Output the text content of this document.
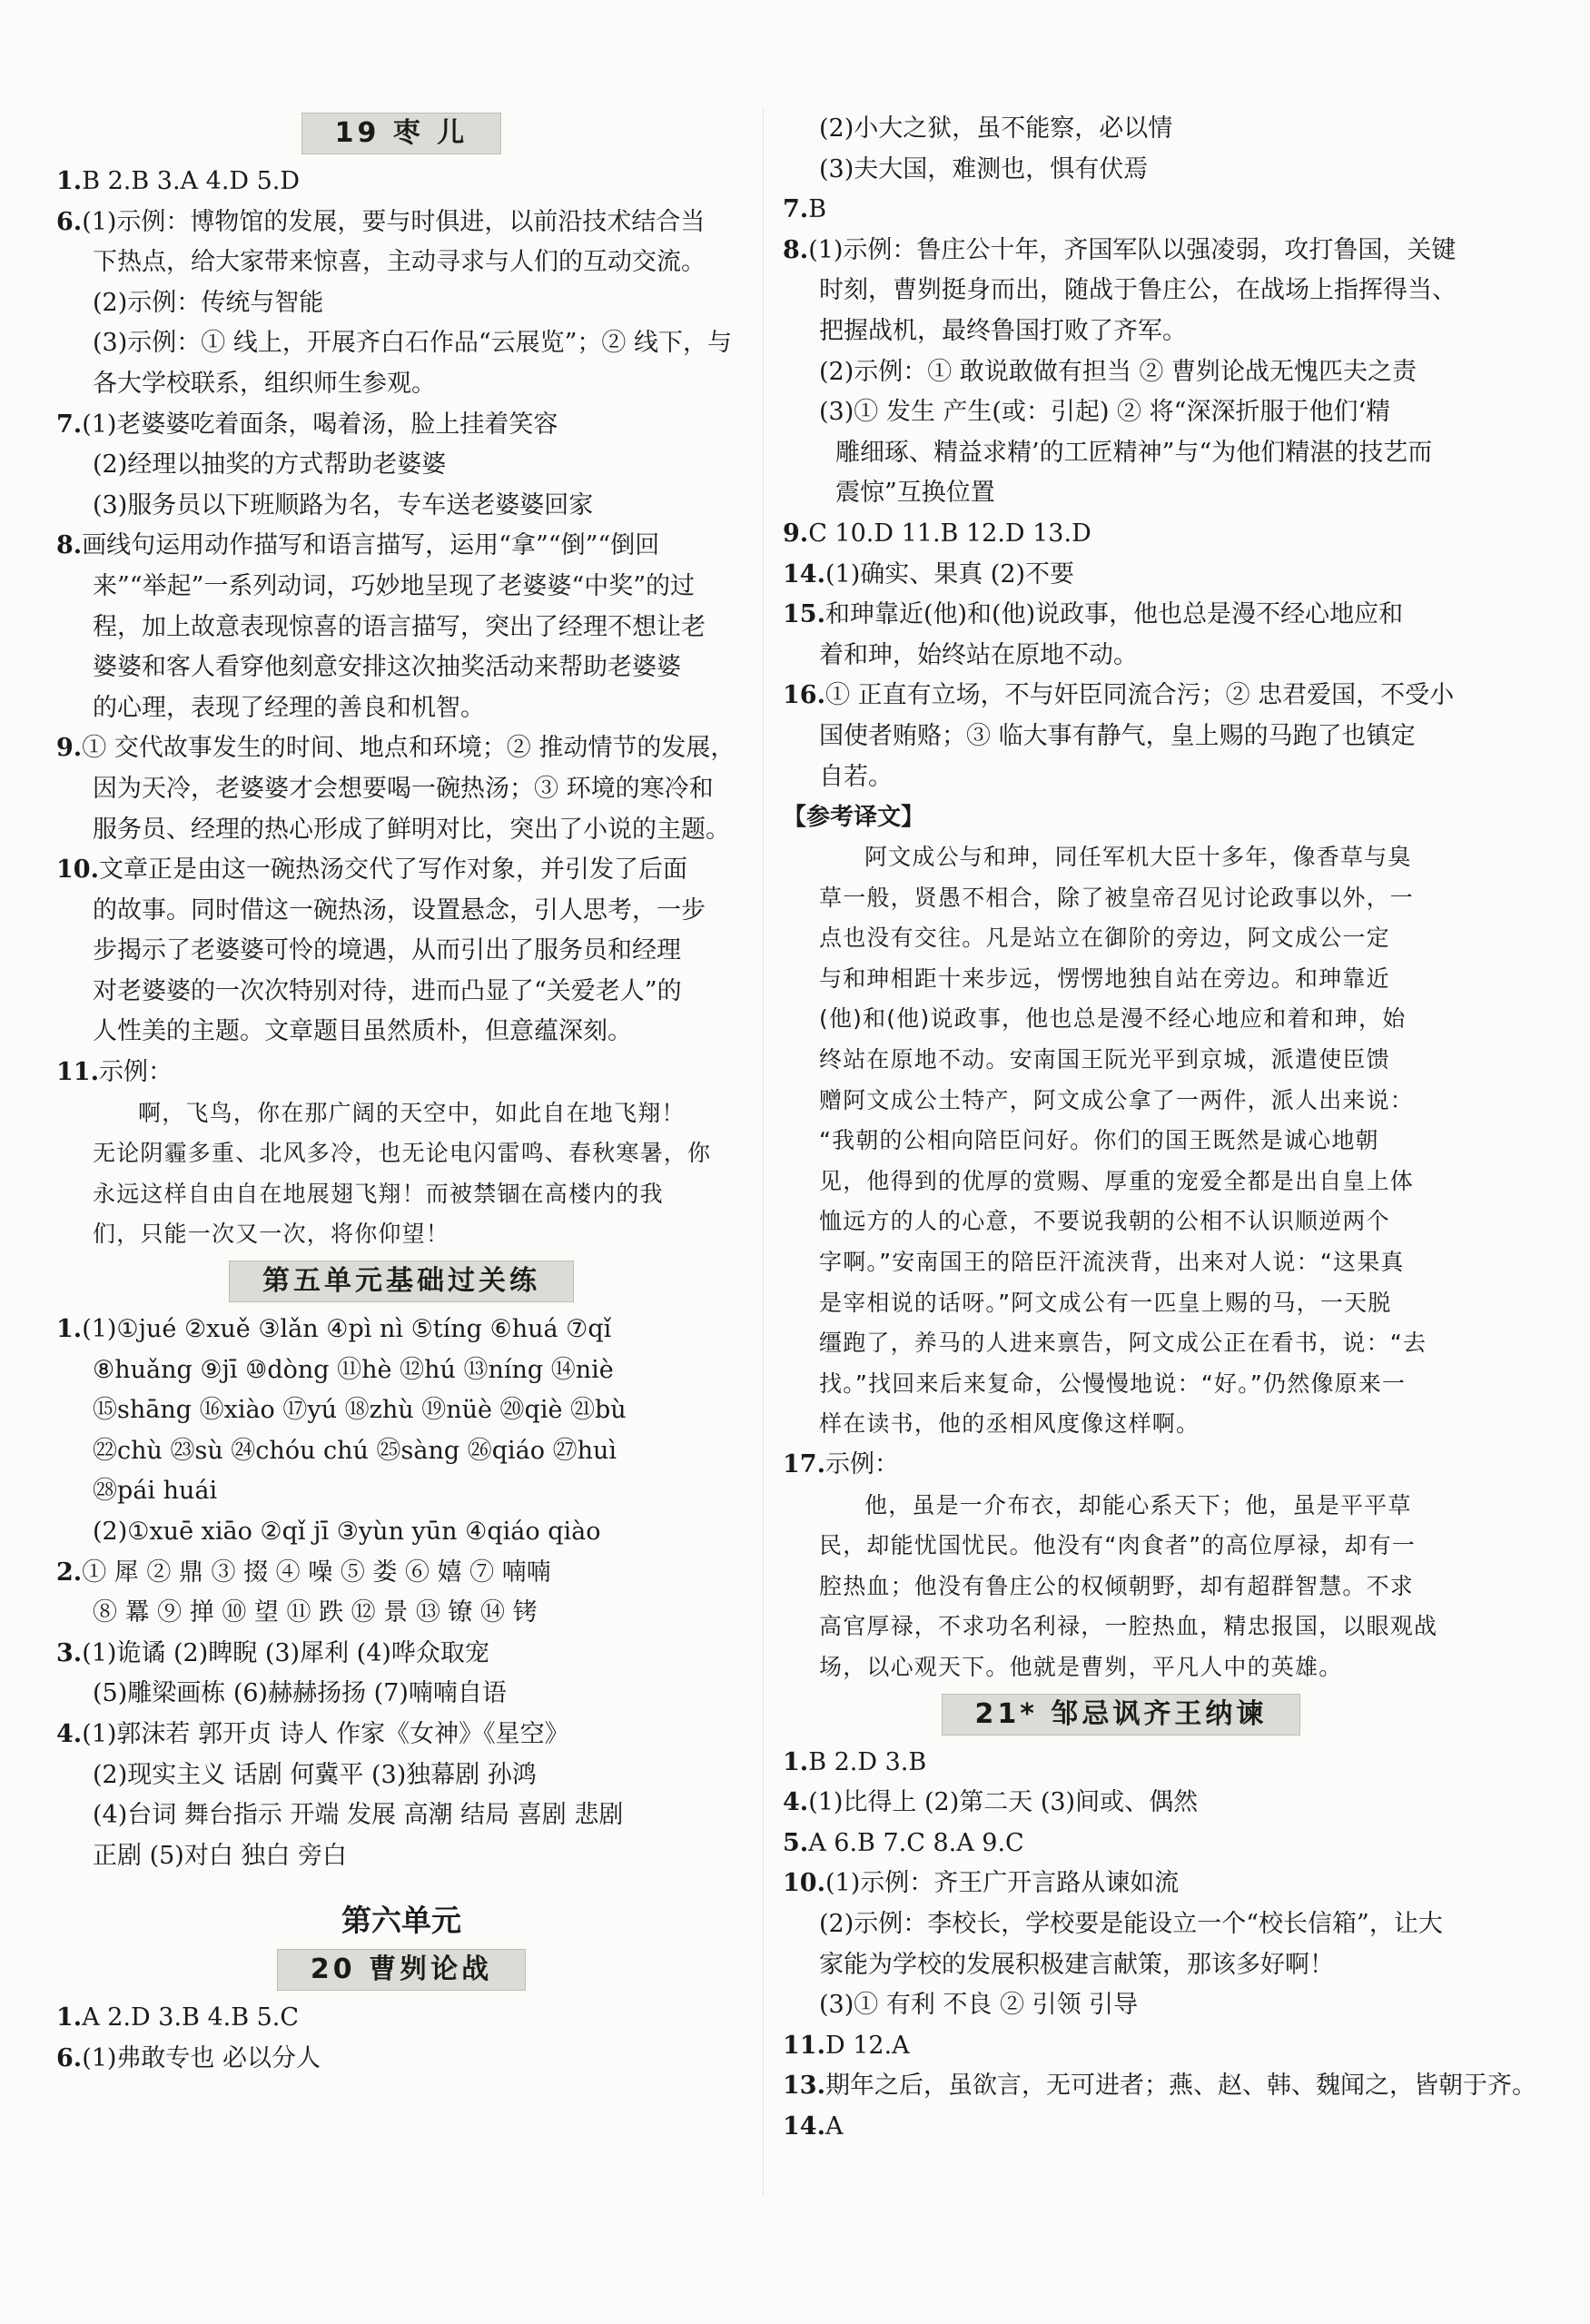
19 枣 儿
1.B 2.B 3.A 4.D 5.D
6.(1)示例：博物馆的发展，要与时俱进，以前沿技术结合当
下热点，给大家带来惊喜，主动寻求与人们的互动交流。
(2)示例：传统与智能
(3)示例：① 线上，开展齐白石作品“云展览”；② 线下，与
各大学校联系，组织师生参观。
7.(1)老婆婆吃着面条，喝着汤，脸上挂着笑容
(2)经理以抽奖的方式帮助老婆婆
(3)服务员以下班顺路为名，专车送老婆婆回家
8.画线句运用动作描写和语言描写，运用“拿”“倒”“倒回
来”“举起”一系列动词，巧妙地呈现了老婆婆“中奖”的过
程，加上故意表现惊喜的语言描写，突出了经理不想让老
婆婆和客人看穿他刻意安排这次抽奖活动来帮助老婆婆
的心理，表现了经理的善良和机智。
9.① 交代故事发生的时间、地点和环境；② 推动情节的发展，
因为天冷，老婆婆才会想要喝一碗热汤；③ 环境的寒冷和
服务员、经理的热心形成了鲜明对比，突出了小说的主题。
10.文章正是由这一碗热汤交代了写作对象，并引发了后面
的故事。同时借这一碗热汤，设置悬念，引人思考，一步
步揭示了老婆婆可怜的境遇，从而引出了服务员和经理
对老婆婆的一次次特别对待，进而凸显了“关爱老人”的
人性美的主题。文章题目虽然质朴，但意蕴深刻。
11.示例：
啊，飞鸟，你在那广阔的天空中，如此自在地飞翔！
无论阴霾多重、北风多冷，也无论电闪雷鸣、春秋寒暑，你
永远这样自由自在地展翅飞翔！而被禁锢在高楼内的我
们，只能一次又一次，将你仰望！
第五单元基础过关练
1.(1)①jué ②xuě ③lǎn ④pì nì ⑤tíng ⑥huá ⑦qǐ
⑧huǎng ⑨jī ⑩dòng ⑪hè ⑫hú ⑬níng ⑭niè
⑮shāng ⑯xiào ⑰yú ⑱zhù ⑲nüè ⑳qiè ㉑bù
㉒chù ㉓sù ㉔chóu chú ㉕sàng ㉖qiáo ㉗huì
㉘pái huái
(2)①xuē xiāo ②qǐ jī ③yùn yūn ④qiáo qiào
2.① 犀 ② 鼎 ③ 掇 ④ 噪 ⑤ 娄 ⑥ 嬉 ⑦ 喃喃
⑧ 羃 ⑨ 掸 ⑩ 望 ⑪ 跌 ⑫ 景 ⑬ 镣 ⑭ 铐
3.(1)诡谲 (2)睥睨 (3)犀利 (4)哗众取宠
(5)雕梁画栋 (6)赫赫扬扬 (7)喃喃自语
4.(1)郭沫若 郭开贞 诗人 作家《女神》《星空》
(2)现实主义 话剧 何冀平 (3)独幕剧 孙鸿
(4)台词 舞台指示 开端 发展 高潮 结局 喜剧 悲剧
正剧 (5)对白 独白 旁白
第六单元
20 曹刿论战
1.A 2.D 3.B 4.B 5.C
6.(1)弗敢专也 必以分人
(2)小大之狱，虽不能察，必以情
(3)夫大国，难测也，惧有伏焉
7.B
8.(1)示例：鲁庄公十年，齐国军队以强凌弱，攻打鲁国，关键
时刻，曹刿挺身而出，随战于鲁庄公，在战场上指挥得当、
把握战机，最终鲁国打败了齐军。
(2)示例：① 敢说敢做有担当 ② 曹刿论战无愧匹夫之责
(3)① 发生 产生(或：引起) ② 将“深深折服于他们‘精
雕细琢、精益求精’的工匠精神”与“为他们精湛的技艺而
震惊”互换位置
9.C 10.D 11.B 12.D 13.D
14.(1)确实、果真 (2)不要
15.和珅靠近(他)和(他)说政事，他也总是漫不经心地应和
着和珅，始终站在原地不动。
16.① 正直有立场，不与奸臣同流合污；② 忠君爱国，不受小
国使者贿赂；③ 临大事有静气，皇上赐的马跑了也镇定
自若。
【参考译文】
阿文成公与和珅，同任军机大臣十多年，像香草与臭
草一般，贤愚不相合，除了被皇帝召见讨论政事以外，一
点也没有交往。凡是站立在御阶的旁边，阿文成公一定
与和珅相距十来步远，愣愣地独自站在旁边。和珅靠近
(他)和(他)说政事，他也总是漫不经心地应和着和珅，始
终站在原地不动。安南国王阮光平到京城，派遣使臣馈
赠阿文成公土特产，阿文成公拿了一两件，派人出来说：
“我朝的公相向陪臣问好。你们的国王既然是诚心地朝
见，他得到的优厚的赏赐、厚重的宠爱全都是出自皇上体
恤远方的人的心意，不要说我朝的公相不认识顺逆两个
字啊。”安南国王的陪臣汗流浃背，出来对人说：“这果真
是宰相说的话呀。”阿文成公有一匹皇上赐的马，一天脱
缰跑了，养马的人进来禀告，阿文成公正在看书，说：“去
找。”找回来后来复命，公慢慢地说：“好。”仍然像原来一
样在读书，他的丞相风度像这样啊。
17.示例：
他，虽是一介布衣，却能心系天下；他，虽是平平草
民，却能忧国忧民。他没有“肉食者”的高位厚禄，却有一
腔热血；他没有鲁庄公的权倾朝野，却有超群智慧。不求
高官厚禄，不求功名利禄，一腔热血，精忠报国，以眼观战
场，以心观天下。他就是曹刿，平凡人中的英雄。
21* 邹忌讽齐王纳谏
1.B 2.D 3.B
4.(1)比得上 (2)第二天 (3)间或、偶然
5.A 6.B 7.C 8.A 9.C
10.(1)示例：齐王广开言路从谏如流
(2)示例：李校长，学校要是能设立一个“校长信箱”，让大
家能为学校的发展积极建言献策，那该多好啊！
(3)① 有利 不良 ② 引领 引导
11.D 12.A
13.期年之后，虽欲言，无可进者；燕、赵、韩、魏闻之，皆朝于齐。
14.A
